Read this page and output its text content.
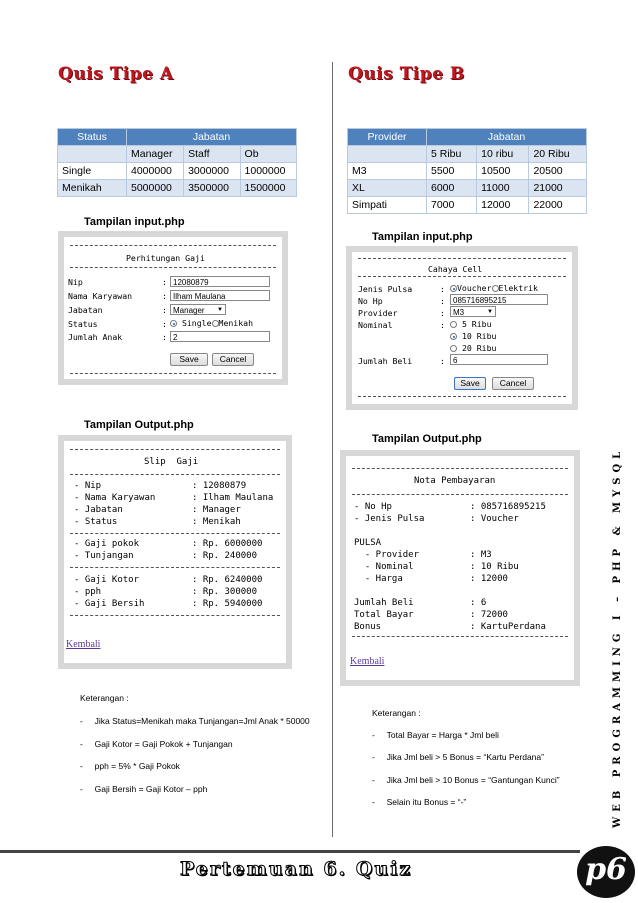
Quis Tipe A
Status	Jabatan		
	Manager	Staff	Ob
Single	4000000	3000000	1000000
Menikah	5000000	3500000	1500000
Tampilan input.php
Perhitungan Gaji
Nip	: 12080879
Nama Karyawan	: Ilham Maulana
Jabatan	: Manager ▼
Status	:	Single Menikah
Jumlah Anak	: 2
Save	Cancel
Tampilan Output.php
Slip  Gaji
- Nip	: 12080879
- Nama Karyawan	: Ilham Maulana
- Jabatan	: Manager
- Status	: Menikah
- Gaji pokok	: Rp. 6000000
- Tunjangan	: Rp. 240000
- Gaji Kotor	: Rp. 6240000
- pph	: Rp. 300000
- Gaji Bersih	: Rp. 5940000
Kembali
Keterangan :
-     Jika Status=Menikah maka Tunjangan=Jml Anak * 50000
-     Gaji Kotor = Gaji Pokok + Tunjangan
-     pph = 5% * Gaji Pokok
-     Gaji Bersih = Gaji Kotor – pph
Quis Tipe B
Provider	Jabatan		
	5 Ribu	10 ribu	20 Ribu
M3	5500	10500	20500
XL	6000	11000	21000
Simpati	7000	12000	22000
Tampilan input.php
Cahaya Cell
Jenis Pulsa	:	Voucher Elektrik
No Hp	:	085716895215
Provider	:	M3	▼
Nominal	:	5 Ribu
10 Ribu
20 Ribu
Jumlah Beli	:	6
Save	Cancel
Tampilan Output.php
Nota Pembayaran
- No Hp	: 085716895215
- Jenis Pulsa	: Voucher
PULSA
- Provider	: M3
- Nominal	: 10 Ribu
- Harga	: 12000
Jumlah Beli	: 6
Total Bayar	: 72000
Bonus	: KartuPerdana
Kembali
Keterangan :
-     Total Bayar = Harga * Jml beli
-     Jika Jml beli > 5 Bonus = “Kartu Perdana”
-     Jika Jml beli > 10 Bonus = “Gantungan Kunci”
-     Selain itu Bonus = “-”	WEB PROGRAMMING I – PHP & MYSQL
Pertemuan 6. Quiz	p6
